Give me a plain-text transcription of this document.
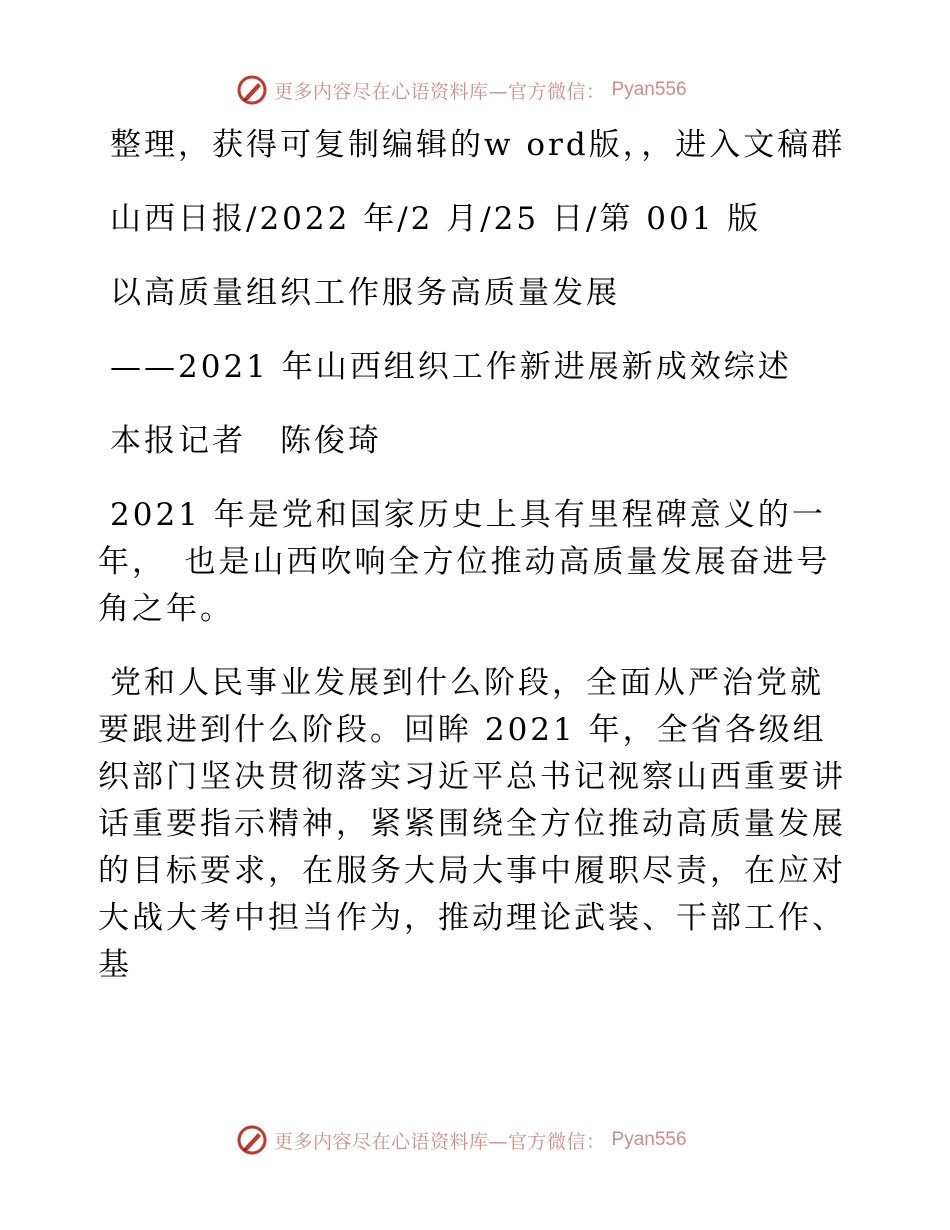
更多内容尽在心语资料库—官方微信： Pyan556

整理，获得可复制编辑的w ord版，，进入文稿群

山西日报/2022 年/2 月/25 日/第 001 版

以高质量组织工作服务高质量发展

——2021 年山西组织工作新进展新成效综述

本报记者　陈俊琦

2021 年是党和国家历史上具有里程碑意义的一年，　也是山西吹响全方位推动高质量发展奋进号角之年。

党和人民事业发展到什么阶段，全面从严治党就要跟进到什么阶段。回眸 2021 年，全省各级组织部门坚决贯彻落实习近平总书记视察山西重要讲话重要指示精神，紧紧围绕全方位推动高质量发展的目标要求，在服务大局大事中履职尽责，在应对大战大考中担当作为，推动理论武装、干部工作、基

更多内容尽在心语资料库—官方微信： Pyan556
